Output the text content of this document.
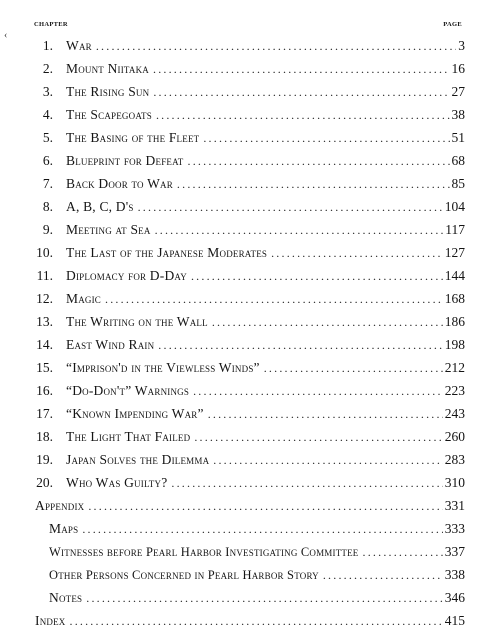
‹
CHAPTER	PAGE
1. War .....	3
2. Mount Niitaka .....	16
3. The Rising Sun .....	27
4. The Scapegoats .....	38
5. The Basing of the Fleet .....	51
6. Blueprint for Defeat .....	68
7. Back Door to War .....	85
8. A, B, C, D's .....	104
9. Meeting at Sea .....	117
10. The Last of the Japanese Moderates .....	127
11. Diplomacy for D-Day .....	144
12. Magic .....	168
13. The Writing on the Wall .....	186
14. East Wind Rain .....	198
15. “Imprison'd in the Viewless Winds” .....	212
16. “Do-Don't” Warnings .....	223
17. “Known Impending War” .....	243
18. The Light That Failed .....	260
19. Japan Solves the Dilemma .....	283
20. Who Was Guilty? .....	310
Appendix .....	331
Maps .....	333
Witnesses before Pearl Harbor Investigating Committee .....	337
Other Persons Concerned in Pearl Harbor Story .....	338
Notes .....	346
Index .....	415
